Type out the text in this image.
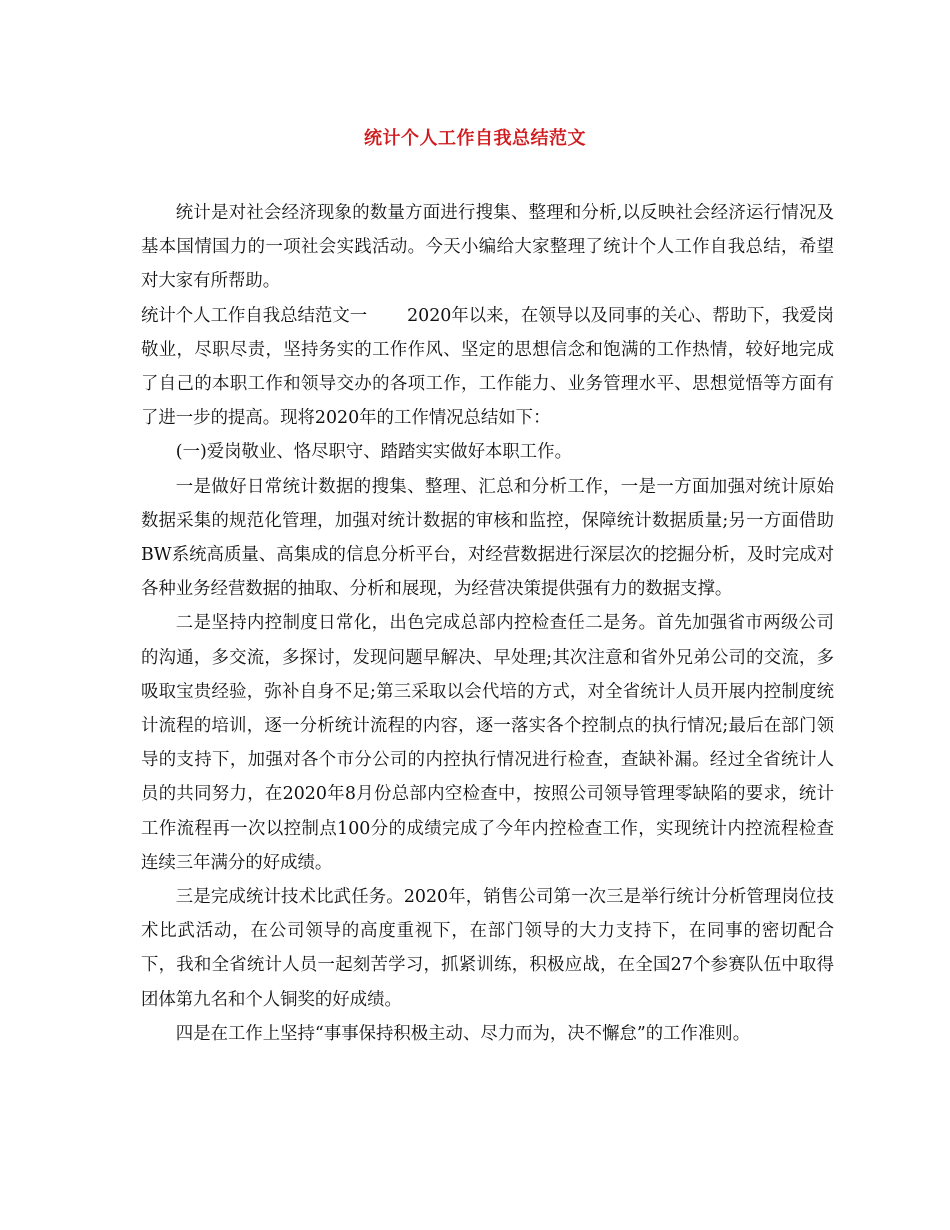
统计个人工作自我总结范文

统计是对社会经济现象的数量方面进行搜集、整理和分析,以反映社会经济运行情况及基本国情国力的一项社会实践活动。今天小编给大家整理了统计个人工作自我总结，希望对大家有所帮助。

统计个人工作自我总结范文一 2020年以来，在领导以及同事的关心、帮助下，我爱岗敬业，尽职尽责，坚持务实的工作作风、坚定的思想信念和饱满的工作热情，较好地完成了自己的本职工作和领导交办的各项工作，工作能力、业务管理水平、思想觉悟等方面有了进一步的提高。现将2020年的工作情况总结如下：

(一)爱岗敬业、恪尽职守、踏踏实实做好本职工作。

一是做好日常统计数据的搜集、整理、汇总和分析工作，一是一方面加强对统计原始数据采集的规范化管理，加强对统计数据的审核和监控，保障统计数据质量;另一方面借助BW系统高质量、高集成的信息分析平台，对经营数据进行深层次的挖掘分析，及时完成对各种业务经营数据的抽取、分析和展现，为经营决策提供强有力的数据支撑。

二是坚持内控制度日常化，出色完成总部内控检查任二是务。首先加强省市两级公司的沟通，多交流，多探讨，发现问题早解决、早处理;其次注意和省外兄弟公司的交流，多吸取宝贵经验，弥补自身不足;第三采取以会代培的方式，对全省统计人员开展内控制度统计流程的培训，逐一分析统计流程的内容，逐一落实各个控制点的执行情况;最后在部门领导的支持下，加强对各个市分公司的内控执行情况进行检查，查缺补漏。经过全省统计人员的共同努力，在2020年8月份总部内空检查中，按照公司领导管理零缺陷的要求，统计工作流程再一次以控制点100分的成绩完成了今年内控检查工作，实现统计内控流程检查连续三年满分的好成绩。

三是完成统计技术比武任务。2020年，销售公司第一次三是举行统计分析管理岗位技术比武活动，在公司领导的高度重视下，在部门领导的大力支持下，在同事的密切配合下，我和全省统计人员一起刻苦学习，抓紧训练，积极应战，在全国27个参赛队伍中取得团体第九名和个人铜奖的好成绩。

四是在工作上坚持“事事保持积极主动、尽力而为，决不懈怠”的工作准则。
